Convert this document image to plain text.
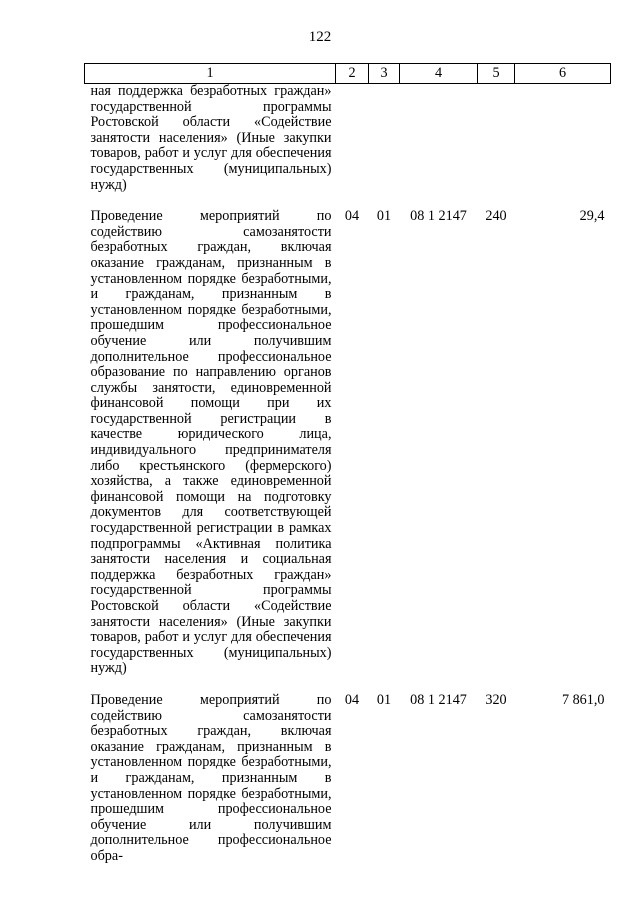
122
1	2	3	4	5	6
ная поддержка безработных граждан» государственной программы Ростовской области «Содействие занятости населения» (Иные закупки товаров, работ и услуг для обеспечения государственных (муниципальных) нужд)					
Проведение мероприятий по содействию самозанятости безработных граждан, включая оказание гражданам, признанным в установленном порядке безработными, и гражданам, признанным в установленном порядке безработными, прошедшим профессиональное обучение или получившим дополнительное профессиональное образование по направлению органов службы занятости, единовременной финансовой помощи при их государственной регистрации в качестве юридического лица, индивидуального предпринимателя либо крестьянского (фермерского) хозяйства, а также единовременной финансовой помощи на подготовку документов для соответствующей государственной регистрации в рамках подпрограммы «Активная политика занятости населения и социальная поддержка безработных граждан» государственной программы Ростовской области «Содействие занятости населения» (Иные закупки товаров, работ и услуг для обеспечения государственных (муниципальных) нужд)	04	01	08 1 2147	240	29,4
Проведение мероприятий по содействию самозанятости безработных граждан, включая оказание гражданам, признанным в установленном порядке безработными, и гражданам, признанным в установленном порядке безработными, прошедшим профессиональное обучение или получившим дополнительное профессиональное обра-	04	01	08 1 2147	320	7 861,0
